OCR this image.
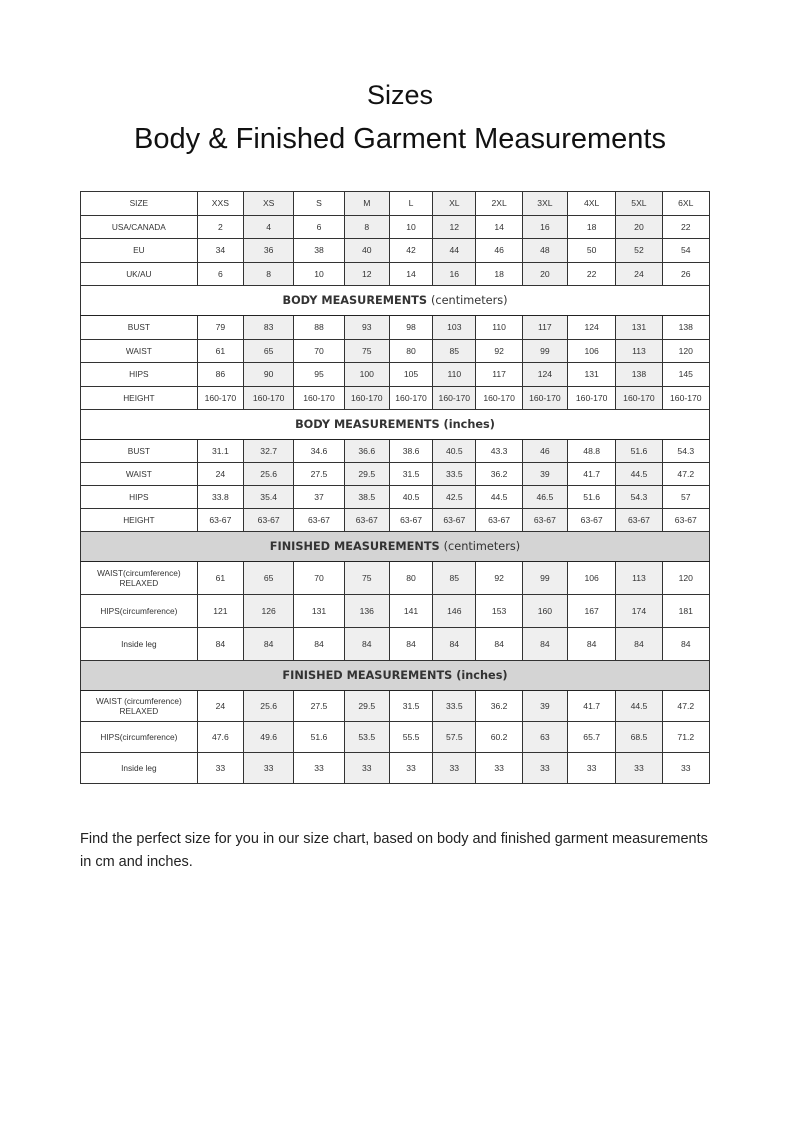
Sizes
Body & Finished Garment Measurements
SIZE	XXS	XS	S	M	L	XL	2XL	3XL	4XL	5XL	6XL
USA/CANADA	2	4	6	8	10	12	14	16	18	20	22
EU	34	36	38	40	42	44	46	48	50	52	54
UK/AU	6	8	10	12	14	16	18	20	22	24	26
BODY MEASUREMENTS (centimeters)											
BUST	79	83	88	93	98	103	110	117	124	131	138
WAIST	61	65	70	75	80	85	92	99	106	113	120
HIPS	86	90	95	100	105	110	117	124	131	138	145
HEIGHT	160-170	160-170	160-170	160-170	160-170	160-170	160-170	160-170	160-170	160-170	160-170
BODY MEASUREMENTS (inches)											
BUST	31.1	32.7	34.6	36.6	38.6	40.5	43.3	46	48.8	51.6	54.3
WAIST	24	25.6	27.5	29.5	31.5	33.5	36.2	39	41.7	44.5	47.2
HIPS	33.8	35.4	37	38.5	40.5	42.5	44.5	46.5	51.6	54.3	57
HEIGHT	63-67	63-67	63-67	63-67	63-67	63-67	63-67	63-67	63-67	63-67	63-67
FINISHED MEASUREMENTS (centimeters)											
WAIST(circumference)
RELAXED	61	65	70	75	80	85	92	99	106	113	120
HIPS(circumference)	121	126	131	136	141	146	153	160	167	174	181
Inside leg	84	84	84	84	84	84	84	84	84	84	84
FINISHED MEASUREMENTS (inches)											
WAIST (circumference)
RELAXED	24	25.6	27.5	29.5	31.5	33.5	36.2	39	41.7	44.5	47.2
HIPS(circumference)	47.6	49.6	51.6	53.5	55.5	57.5	60.2	63	65.7	68.5	71.2
Inside leg	33	33	33	33	33	33	33	33	33	33	33
Find the perfect size for you in our size chart, based on body and finished garment measurements in cm and inches.
